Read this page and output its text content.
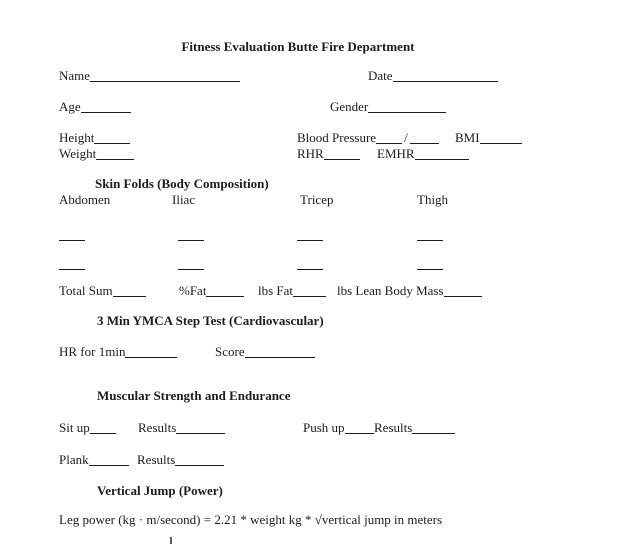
Fitness Evaluation Butte Fire Department
Name	Date
Age	Gender
Height	Blood Pressure /	BMI
Weight	RHR	EMHR
Skin Folds (Body Composition)
Abdomen	Iliac	Tricep	Thigh
Total Sum	%Fat	lbs Fat	lbs Lean Body Mass
3 Min YMCA Step Test (Cardiovascular)
HR for 1min	Score
Muscular Strength and Endurance
Sit up	Results	Push up	Results
Plank	Results
Vertical Jump (Power)
Leg power (kg · m/second) = 2.21 * weight kg * √vertical jump in meters
